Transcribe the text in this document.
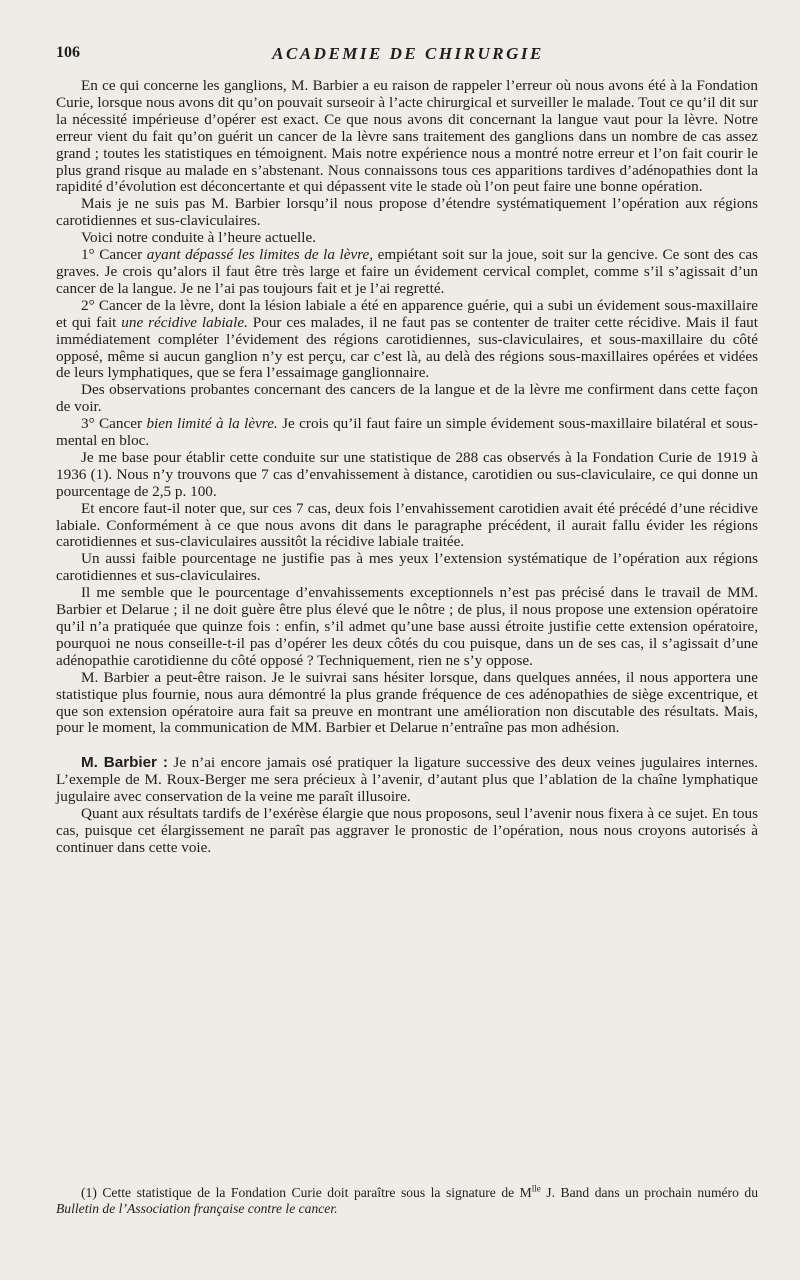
106	ACADEMIE DE CHIRURGIE

En ce qui concerne les ganglions, M. Barbier a eu raison de rappeler l’erreur où nous avons été à la Fondation Curie, lorsque nous avons dit qu’on pouvait surseoir à l’acte chirurgical et surveiller le malade. Tout ce qu’il dit sur la nécessité impérieuse d’opérer est exact. Ce que nous avons dit concernant la langue vaut pour la lèvre. Notre erreur vient du fait qu’on guérit un cancer de la lèvre sans traitement des ganglions dans un nombre de cas assez grand ; toutes les statistiques en témoignent. Mais notre expérience nous a montré notre erreur et l’on fait courir le plus grand risque au malade en s’abstenant. Nous connaissons tous ces apparitions tardives d’adénopathies dont la rapidité d’évolution est déconcertante et qui dépassent vite le stade où l’on peut faire une bonne opération.

Mais je ne suis pas M. Barbier lorsqu’il nous propose d’étendre systématiquement l’opération aux régions carotidiennes et sus-claviculaires.

Voici notre conduite à l’heure actuelle.

1° Cancer ayant dépassé les limites de la lèvre, empiétant soit sur la joue, soit sur la gencive. Ce sont des cas graves. Je crois qu’alors il faut être très large et faire un évidement cervical complet, comme s’il s’agissait d’un cancer de la langue. Je ne l’ai pas toujours fait et je l’ai regretté.

2° Cancer de la lèvre, dont la lésion labiale a été en apparence guérie, qui a subi un évidement sous-maxillaire et qui fait une récidive labiale. Pour ces malades, il ne faut pas se contenter de traiter cette récidive. Mais il faut immédiatement compléter l’évidement des régions carotidiennes, sus-claviculaires, et sous-maxillaire du côté opposé, même si aucun ganglion n’y est perçu, car c’est là, au delà des régions sous-maxillaires opérées et vidées de leurs lymphatiques, que se fera l’essaimage ganglionnaire.

Des observations probantes concernant des cancers de la langue et de la lèvre me confirment dans cette façon de voir.

3° Cancer bien limité à la lèvre. Je crois qu’il faut faire un simple évidement sous-maxillaire bilatéral et sous-mental en bloc.

Je me base pour établir cette conduite sur une statistique de 288 cas observés à la Fondation Curie de 1919 à 1936 (1). Nous n’y trouvons que 7 cas d’envahissement à distance, carotidien ou sus-claviculaire, ce qui donne un pourcentage de 2,5 p. 100.

Et encore faut-il noter que, sur ces 7 cas, deux fois l’envahissement carotidien avait été précédé d’une récidive labiale. Conformément à ce que nous avons dit dans le paragraphe précédent, il aurait fallu évider les régions carotidiennes et sus-claviculaires aussitôt la récidive labiale traitée.

Un aussi faible pourcentage ne justifie pas à mes yeux l’extension systématique de l’opération aux régions carotidiennes et sus-claviculaires.

Il me semble que le pourcentage d’envahissements exceptionnels n’est pas précisé dans le travail de MM. Barbier et Delarue ; il ne doit guère être plus élevé que le nôtre ; de plus, il nous propose une extension opératoire qu’il n’a pratiquée que quinze fois : enfin, s’il admet qu’une base aussi étroite justifie cette extension opératoire, pourquoi ne nous conseille-t-il pas d’opérer les deux côtés du cou puisque, dans un de ses cas, il s’agissait d’une adénopathie carotidienne du côté opposé ? Techniquement, rien ne s’y oppose.

M. Barbier a peut-être raison. Je le suivrai sans hésiter lorsque, dans quelques années, il nous apportera une statistique plus fournie, nous aura démontré la plus grande fréquence de ces adénopathies de siège excentrique, et que son extension opératoire aura fait sa preuve en montrant une amélioration non discutable des résultats. Mais, pour le moment, la communication de MM. Barbier et Delarue n’entraîne pas mon adhésion.

M. Barbier : Je n’ai encore jamais osé pratiquer la ligature successive des deux veines jugulaires internes. L’exemple de M. Roux-Berger me sera précieux à l’avenir, d’autant plus que l’ablation de la chaîne lymphatique jugulaire avec conservation de la veine me paraît illusoire.

Quant aux résultats tardifs de l’exérèse élargie que nous proposons, seul l’avenir nous fixera à ce sujet. En tous cas, puisque cet élargissement ne paraît pas aggraver le pronostic de l’opération, nous nous croyons autorisés à continuer dans cette voie.

(1) Cette statistique de la Fondation Curie doit paraître sous la signature de $M^{lle}$ J. Band dans un prochain numéro du Bulletin de l’Association française contre le cancer.
